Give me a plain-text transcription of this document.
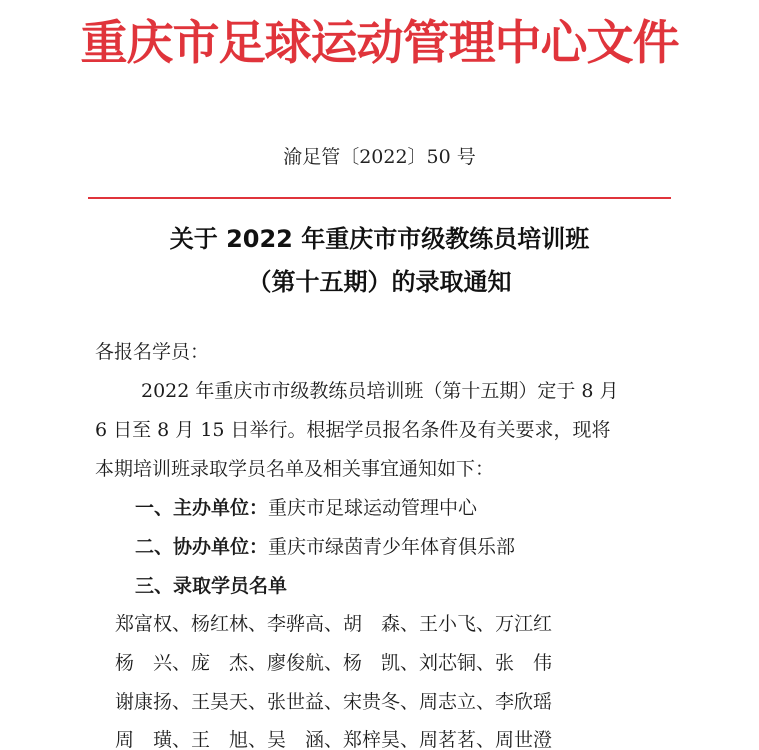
重庆市足球运动管理中心文件
渝足管〔2022〕50 号
关于 2022 年重庆市市级教练员培训班
（第十五期）的录取通知
各报名学员：
2022 年重庆市市级教练员培训班（第十五期）定于 8 月
6 日至 8 月 15 日举行。根据学员报名条件及有关要求，现将
本期培训班录取学员名单及相关事宜通知如下：
一、主办单位：重庆市足球运动管理中心
二、协办单位：重庆市绿茵青少年体育俱乐部
三、录取学员名单
郑富权、杨红林、李骅高、胡　森、王小飞、万江红
杨　兴、庞　杰、廖俊航、杨　凯、刘芯铜、张　伟
谢康扬、王昊天、张世益、宋贵冬、周志立、李欣瑶
周　璜、王　旭、吴　涵、郑梓昊、周茗茗、周世澄
